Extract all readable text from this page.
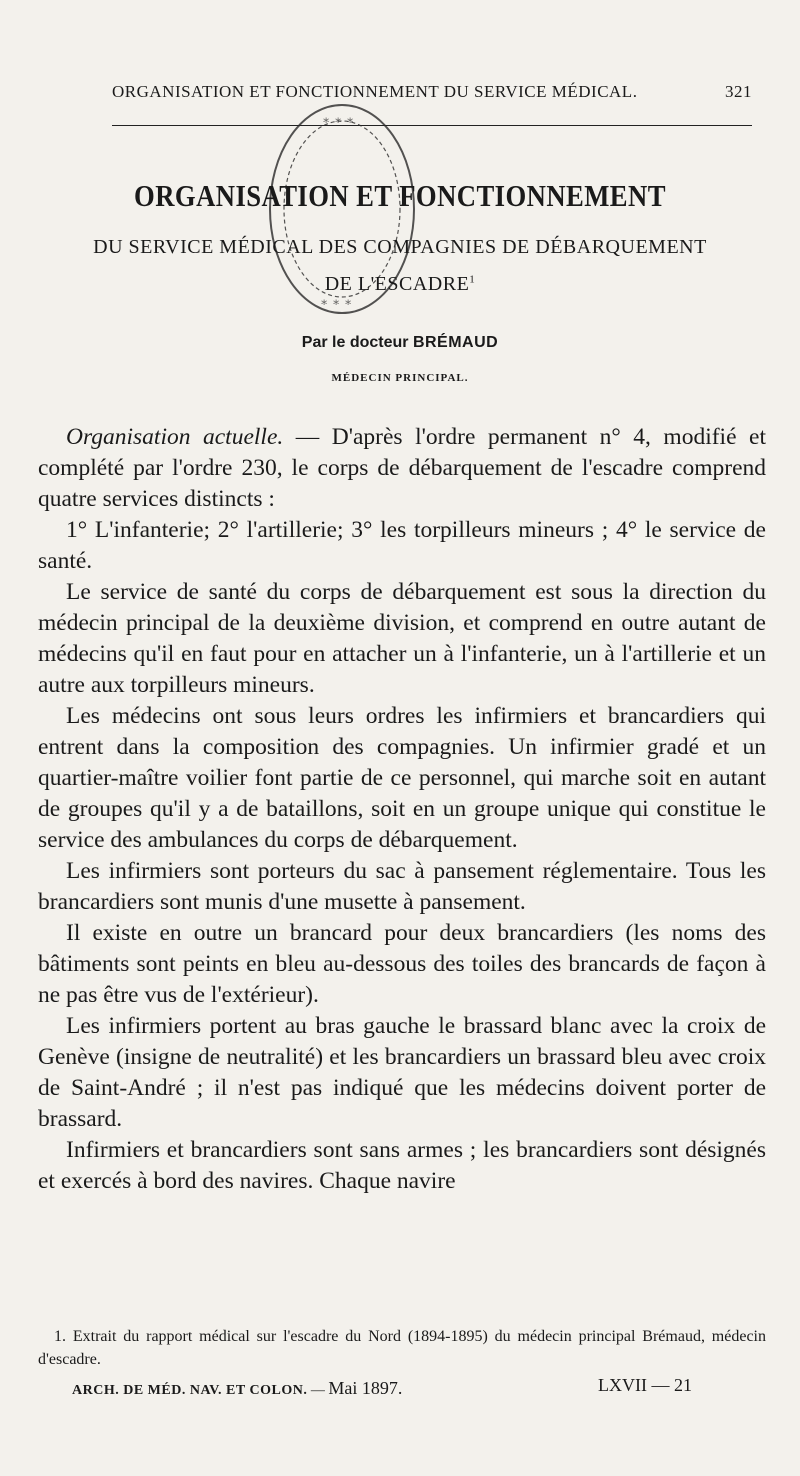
ORGANISATION ET FONCTIONNEMENT DU SERVICE MÉDICAL.	321
∗ ∗ ∗
∗ ∗ ∗
ORGANISATION ET FONCTIONNEMENT
DU SERVICE MÉDICAL DES COMPAGNIES DE DÉBARQUEMENT
DE L'ESCADRE$^1$
Par le docteur BRÉMAUD
MÉDECIN PRINCIPAL.

Organisation actuelle. — D'après l'ordre permanent n° 4, modifié et complété par l'ordre 230, le corps de débarquement de l'escadre comprend quatre services distincts :

1° L'infanterie; 2° l'artillerie; 3° les torpilleurs mineurs ; 4° le service de santé.

Le service de santé du corps de débarquement est sous la direction du médecin principal de la deuxième division, et comprend en outre autant de médecins qu'il en faut pour en attacher un à l'infanterie, un à l'artillerie et un autre aux torpilleurs mineurs.

Les médecins ont sous leurs ordres les infirmiers et brancardiers qui entrent dans la composition des compagnies. Un infirmier gradé et un quartier-maître voilier font partie de ce personnel, qui marche soit en autant de groupes qu'il y a de bataillons, soit en un groupe unique qui constitue le service des ambulances du corps de débarquement.

Les infirmiers sont porteurs du sac à pansement réglementaire. Tous les brancardiers sont munis d'une musette à pansement.

Il existe en outre un brancard pour deux brancardiers (les noms des bâtiments sont peints en bleu au-dessous des toiles des brancards de façon à ne pas être vus de l'extérieur).

Les infirmiers portent au bras gauche le brassard blanc avec la croix de Genève (insigne de neutralité) et les brancardiers un brassard bleu avec croix de Saint-André ; il n'est pas indiqué que les médecins doivent porter de brassard.

Infirmiers et brancardiers sont sans armes ; les brancardiers sont désignés et exercés à bord des navires. Chaque navire

1. Extrait du rapport médical sur l'escadre du Nord (1894-1895) du médecin principal Brémaud, médecin d'escadre.
ARCH. DE MÉD. NAV. ET COLON. — Mai 1897.	LXVII — 21
